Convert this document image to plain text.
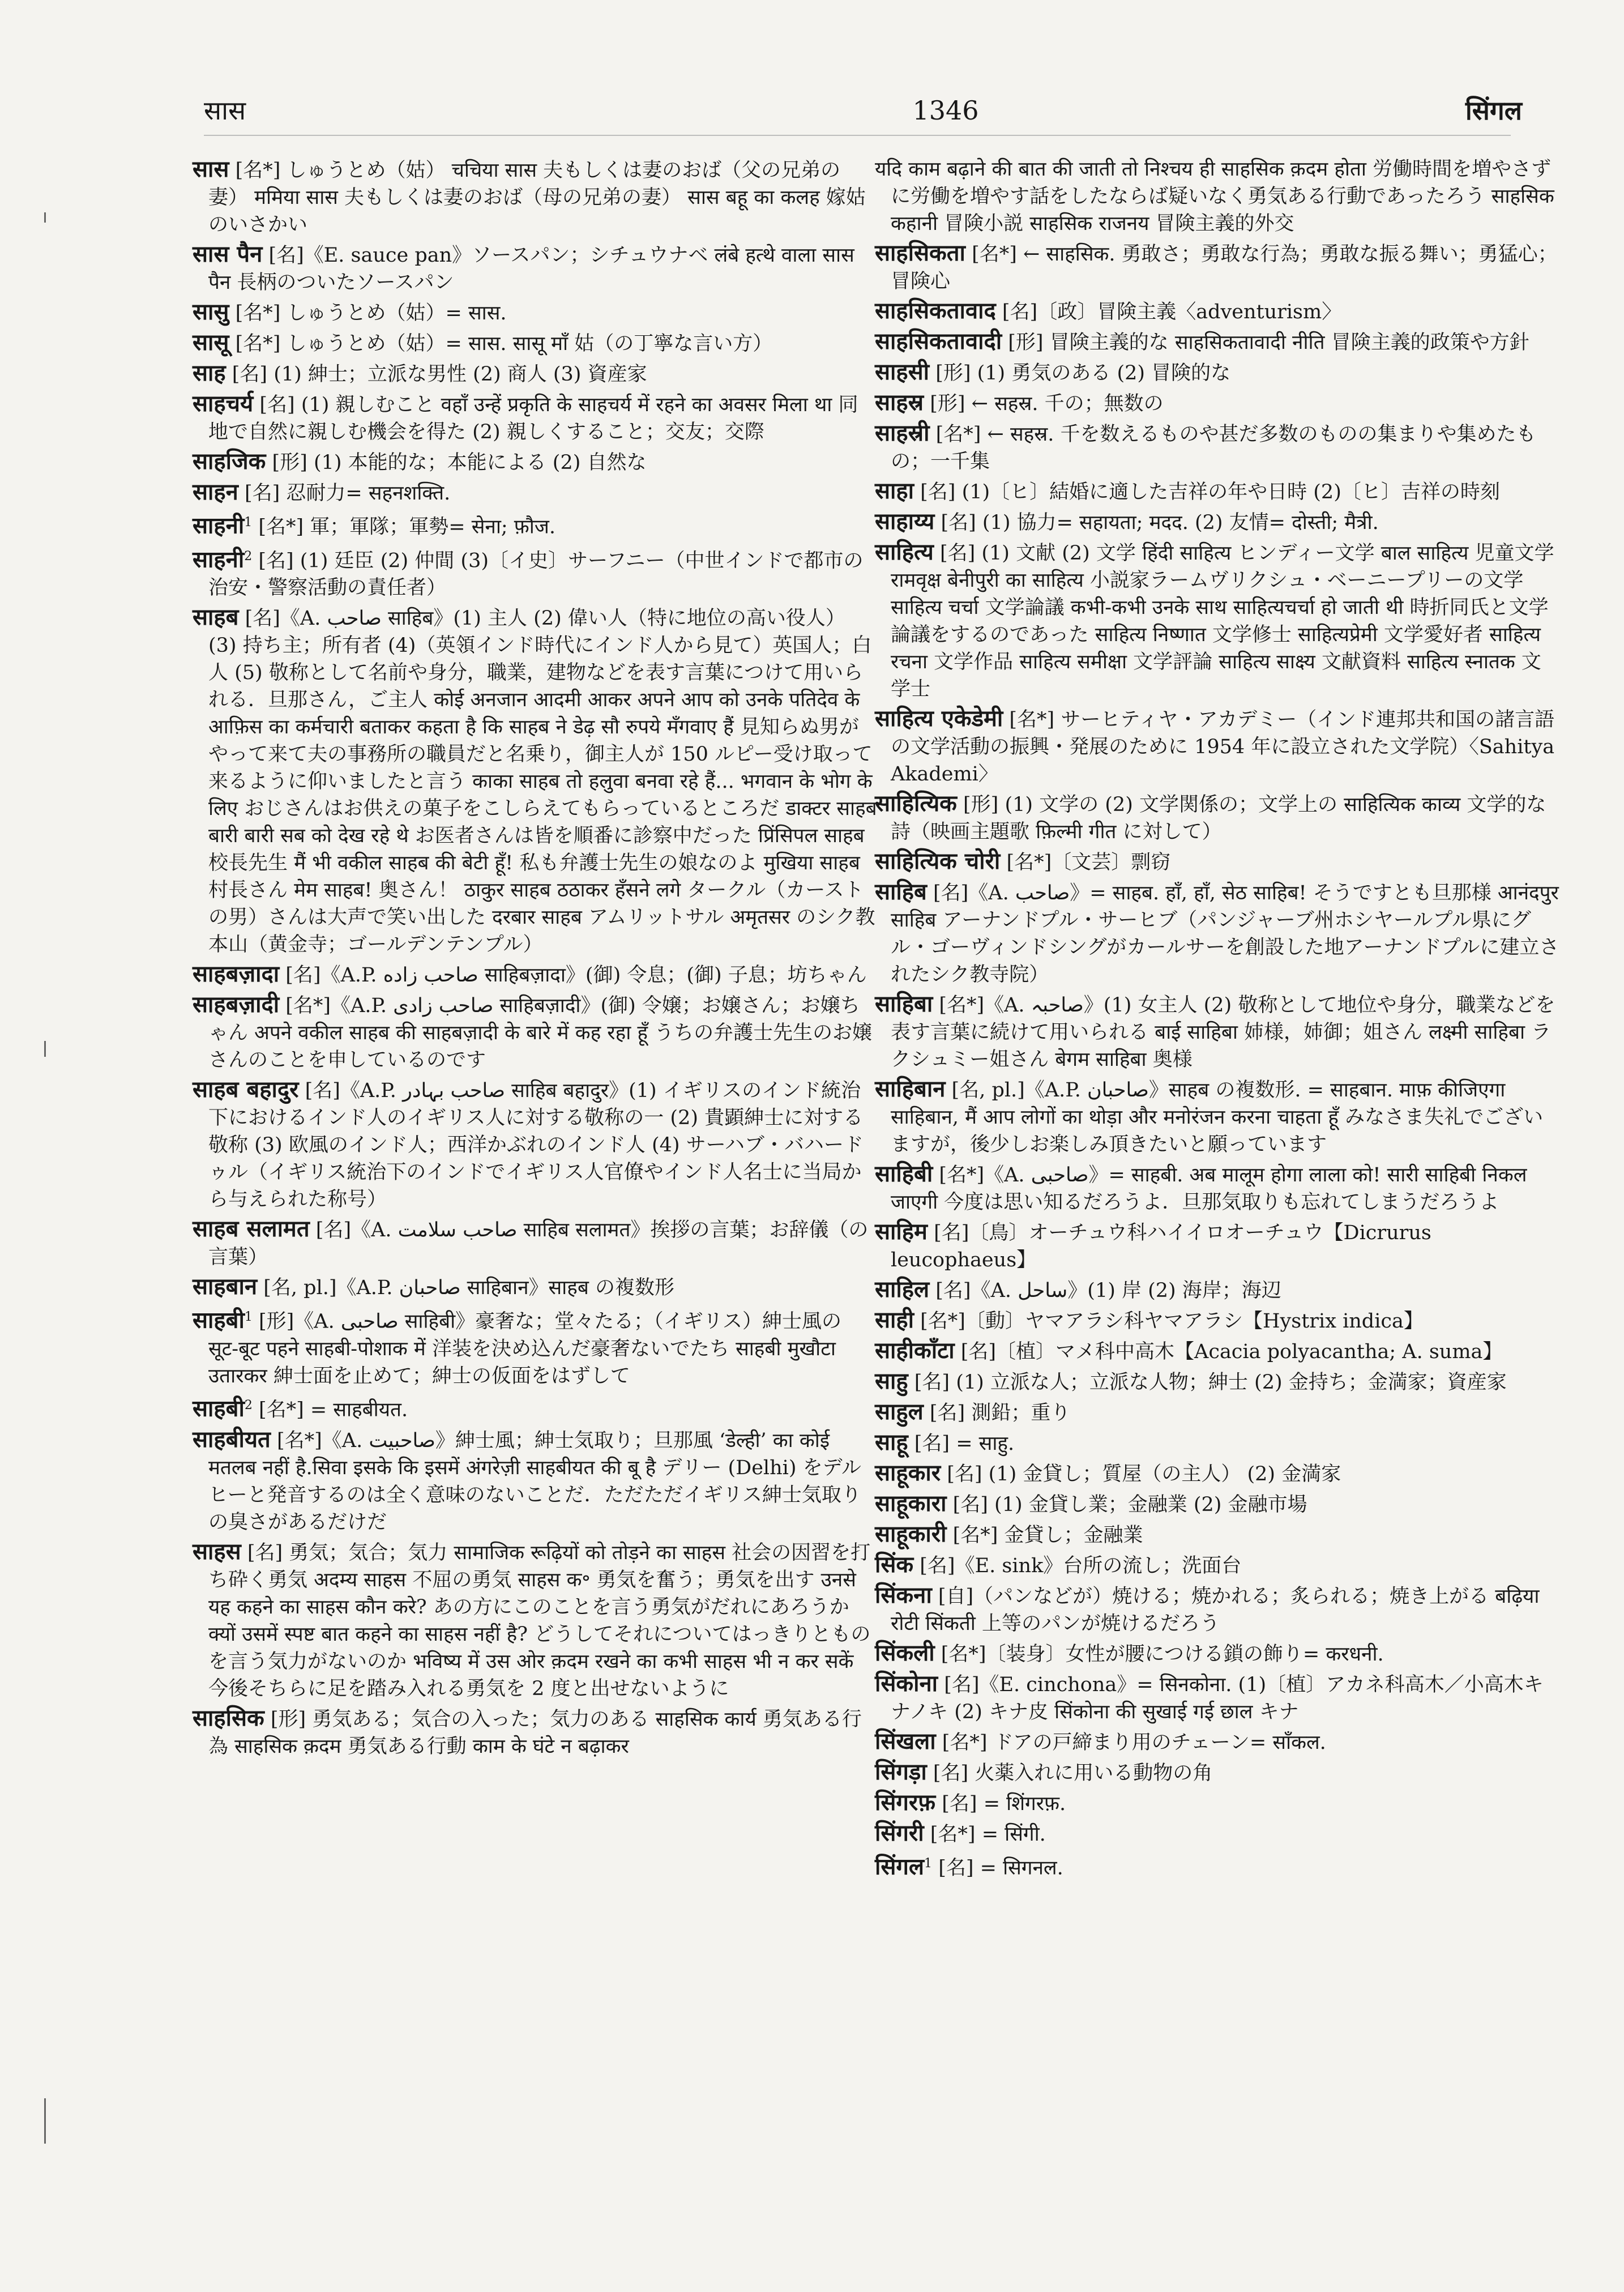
सास	1346	सिंगल
सास [名*] しゅうとめ（姑） चचिया सास 夫もしくは妻のおば（父の兄弟の妻） ममिया सास 夫もしくは妻のおば（母の兄弟の妻） सास बहू का कलह 嫁姑のいさかい
सास पैन [名]《E. sauce pan》ソースパン；シチュウナベ लंबे हत्थे वाला सास पैन 長柄のついたソースパン
सासु [名*] しゅうとめ（姑）= सास.
सासू [名*] しゅうとめ（姑）= सास. सासू माँ 姑（の丁寧な言い方）
साह [名] (1) 紳士；立派な男性 (2) 商人 (3) 資産家
साहचर्य [名] (1) 親しむこと वहाँ उन्हें प्रकृति के साहचर्य में रहने का अवसर मिला था 同地で自然に親しむ機会を得た (2) 親しくすること；交友；交際
साहजिक [形] (1) 本能的な；本能による (2) 自然な
साहन [名] 忍耐力= सहनशक्ति.
साहनी$^1$ [名*] 軍；軍隊；軍勢= सेना; फ़ौज.
साहनी$^2$ [名] (1) 廷臣 (2) 仲間 (3)〔イ史〕サーフニー（中世インドで都市の治安・警察活動の責任者）
साहब [名]《A. صاحب साहिब》(1) 主人 (2) 偉い人（特に地位の高い役人） (3) 持ち主；所有者 (4)（英領インド時代にインド人から見て）英国人；白人 (5) 敬称として名前や身分，職業，建物などを表す言葉につけて用いられる．旦那さん，ご主人 कोई अनजान आदमी आकर अपने आप को उनके पतिदेव के आफ़िस का कर्मचारी बताकर कहता है कि साहब ने डेढ़ सौ रुपये मँगवाए हैं 見知らぬ男がやって来て夫の事務所の職員だと名乗り，御主人が 150 ルピー受け取って来るように仰いましたと言う काका साहब तो हलुवा बनवा रहे हैं... भगवान के भोग के लिए おじさんはお供えの菓子をこしらえてもらっているところだ डाक्टर साहब बारी बारी सब को देख रहे थे お医者さんは皆を順番に診察中だった प्रिंसिपल साहब 校長先生 मैं भी वकील साहब की बेटी हूँ! 私も弁護士先生の娘なのよ मुखिया साहब 村長さん मेम साहब! 奥さん！ ठाकुर साहब ठठाकर हँसने लगे タークル（カーストの男）さんは大声で笑い出した दरबार साहब アムリットサル अमृतसर のシク教本山（黄金寺；ゴールデンテンプル）
साहबज़ादा [名]《A.P. صاحب زاده साहिबज़ादा》(御) 令息；(御) 子息；坊ちゃん
साहबज़ादी [名*]《A.P. صاحب زادی साहिबज़ादी》(御) 令嬢；お嬢さん；お嬢ちゃん अपने वकील साहब की साहबज़ादी के बारे में कह रहा हूँ うちの弁護士先生のお嬢さんのことを申しているのです
साहब बहादुर [名]《A.P. صاحب بہادر साहिब बहादुर》(1) イギリスのインド統治下におけるインド人のイギリス人に対する敬称の一 (2) 貴顕紳士に対する敬称 (3) 欧風のインド人；西洋かぶれのインド人 (4) サーハブ・バハードゥル（イギリス統治下のインドでイギリス人官僚やインド人名士に当局から与えられた称号）
साहब सलामत [名]《A. صاحب سلامت साहिब सलामत》挨拶の言葉；お辞儀（の言葉）
साहबान [名, pl.]《A.P. صاحبان साहिबान》साहब の複数形
साहबी$^1$ [形]《A. صاحبی साहिबी》豪奢な；堂々たる；（イギリス）紳士風の सूट-बूट पहने साहबी-पोशाक में 洋装を決め込んだ豪奢ないでたち साहबी मुखौटा उतारकर 紳士面を止めて；紳士の仮面をはずして
साहबी$^2$ [名*] = साहबीयत.
साहबीयत [名*]《A. صاحبیت》紳士風；紳士気取り；旦那風 ‘डेल्ही’ का कोई मतलब नहीं है.सिवा इसके कि इसमें अंगरेज़ी साहबीयत की बू है デリー (Delhi) をデルヒーと発音するのは全く意味のないことだ．ただただイギリス紳士気取りの臭さがあるだけだ
साहस [名] 勇気；気合；気力 सामाजिक रूढ़ियों को तोड़ने का साहस 社会の因習を打ち砕く勇気 अदम्य साहस 不屈の勇気 साहस क॰ 勇気を奮う；勇気を出す उनसे यह कहने का साहस कौन करे? あの方にこのことを言う勇気がだれにあろうか क्यों उसमें स्पष्ट बात कहने का साहस नहीं है? どうしてそれについてはっきりとものを言う気力がないのか भविष्य में उस ओर क़दम रखने का कभी साहस भी न कर सकें 今後そちらに足を踏み入れる勇気を 2 度と出せないように
साहसिक [形] 勇気ある；気合の入った；気力のある साहसिक कार्य 勇気ある行為 साहसिक क़दम 勇気ある行動 काम के घंटे न बढ़ाकर
यदि काम बढ़ाने की बात की जाती तो निश्चय ही साहसिक क़दम होता 労働時間を増やさずに労働を増やす話をしたならば疑いなく勇気ある行動であったろう साहसिक कहानी 冒険小説 साहसिक राजनय 冒険主義的外交
साहसिकता [名*] ← साहसिक. 勇敢さ；勇敢な行為；勇敢な振る舞い；勇猛心；冒険心
साहसिकतावाद [名]〔政〕冒険主義〈adventurism〉
साहसिकतावादी [形] 冒険主義的な साहसिकतावादी नीति 冒険主義的政策や方針
साहसी [形] (1) 勇気のある (2) 冒険的な
साहस्र [形] ← सहस्र. 千の；無数の
साहस्री [名*] ← सहस्र. 千を数えるものや甚だ多数のものの集まりや集めたもの；一千集
साहा [名] (1)〔ヒ〕結婚に適した吉祥の年や日時 (2)〔ヒ〕吉祥の時刻
साहाय्य [名] (1) 協力= सहायता; मदद. (2) 友情= दोस्ती; मैत्री.
साहित्य [名] (1) 文献 (2) 文学 हिंदी साहित्य ヒンディー文学 बाल साहित्य 児童文学 रामवृक्ष बेनीपुरी का साहित्य 小説家ラームヴリクシュ・ベーニープリーの文学 साहित्य चर्चा 文学論議 कभी-कभी उनके साथ साहित्यचर्चा हो जाती थी 時折同氏と文学論議をするのであった साहित्य निष्णात 文学修士 साहित्यप्रेमी 文学愛好者 साहित्य रचना 文学作品 साहित्य समीक्षा 文学評論 साहित्य साक्ष्य 文献資料 साहित्य स्नातक 文学士
साहित्य एकेडेमी [名*] サーヒティヤ・アカデミー（インド連邦共和国の諸言語の文学活動の振興・発展のために 1954 年に設立された文学院）〈Sahitya Akademi〉
साहित्यिक [形] (1) 文学の (2) 文学関係の；文学上の साहित्यिक काव्य 文学的な詩（映画主題歌 फ़िल्मी गीत に対して）
साहित्यिक चोरी [名*]〔文芸〕剽窃
साहिब [名]《A. صاحب》= साहब. हाँ, हाँ, सेठ साहिब! そうですとも旦那様 आनंदपुर साहिब アーナンドプル・サーヒブ（パンジャーブ州ホシヤールプル県にグル・ゴーヴィンドシングがカールサーを創設した地アーナンドプルに建立されたシク教寺院）
साहिबा [名*]《A. صاحبہ》(1) 女主人 (2) 敬称として地位や身分，職業などを表す言葉に続けて用いられる बाई साहिबा 姉様，姉御；姐さん लक्ष्मी साहिबा ラクシュミー姐さん बेगम साहिबा 奥様
साहिबान [名, pl.]《A.P. صاحبان》साहब の複数形. = साहबान. माफ़ कीजिएगा साहिबान, मैं आप लोगों का थोड़ा और मनोरंजन करना चाहता हूँ みなさま失礼でございますが，後少しお楽しみ頂きたいと願っています
साहिबी [名*]《A. صاحبی》= साहबी. अब मालूम होगा लाला को! सारी साहिबी निकल जाएगी 今度は思い知るだろうよ．旦那気取りも忘れてしまうだろうよ
साहिम [名]〔鳥〕オーチュウ科ハイイロオーチュウ【Dicrurus leucophaeus】
साहिल [名]《A. ساحل》(1) 岸 (2) 海岸；海辺
साही [名*]〔動〕ヤマアラシ科ヤマアラシ【Hystrix indica】
साहीकाँटा [名]〔植〕マメ科中高木【Acacia polyacantha; A. suma】
साहु [名] (1) 立派な人；立派な人物；紳士 (2) 金持ち；金満家；資産家
साहुल [名] 測鉛；重り
साहू [名] = साहु.
साहूकार [名] (1) 金貸し；質屋（の主人） (2) 金満家
साहूकारा [名] (1) 金貸し業；金融業 (2) 金融市場
साहूकारी [名*] 金貸し；金融業
सिंक [名]《E. sink》台所の流し；洗面台
सिंकना [自]（パンなどが）焼ける；焼かれる；炙られる；焼き上がる बढ़िया रोटी सिंकती 上等のパンが焼けるだろう
सिंकली [名*]〔装身〕女性が腰につける鎖の飾り= करधनी.
सिंकोना [名]《E. cinchona》= सिनकोना. (1)〔植〕アカネ科高木／小高木キナノキ (2) キナ皮 सिंकोना की सुखाई गई छाल キナ
सिंखला [名*] ドアの戸締まり用のチェーン= साँकल.
सिंगड़ा [名] 火薬入れに用いる動物の角
सिंगरफ़ [名] = शिंगरफ़.
सिंगरी [名*] = सिंगी.
सिंगल$^1$ [名] = सिगनल.
